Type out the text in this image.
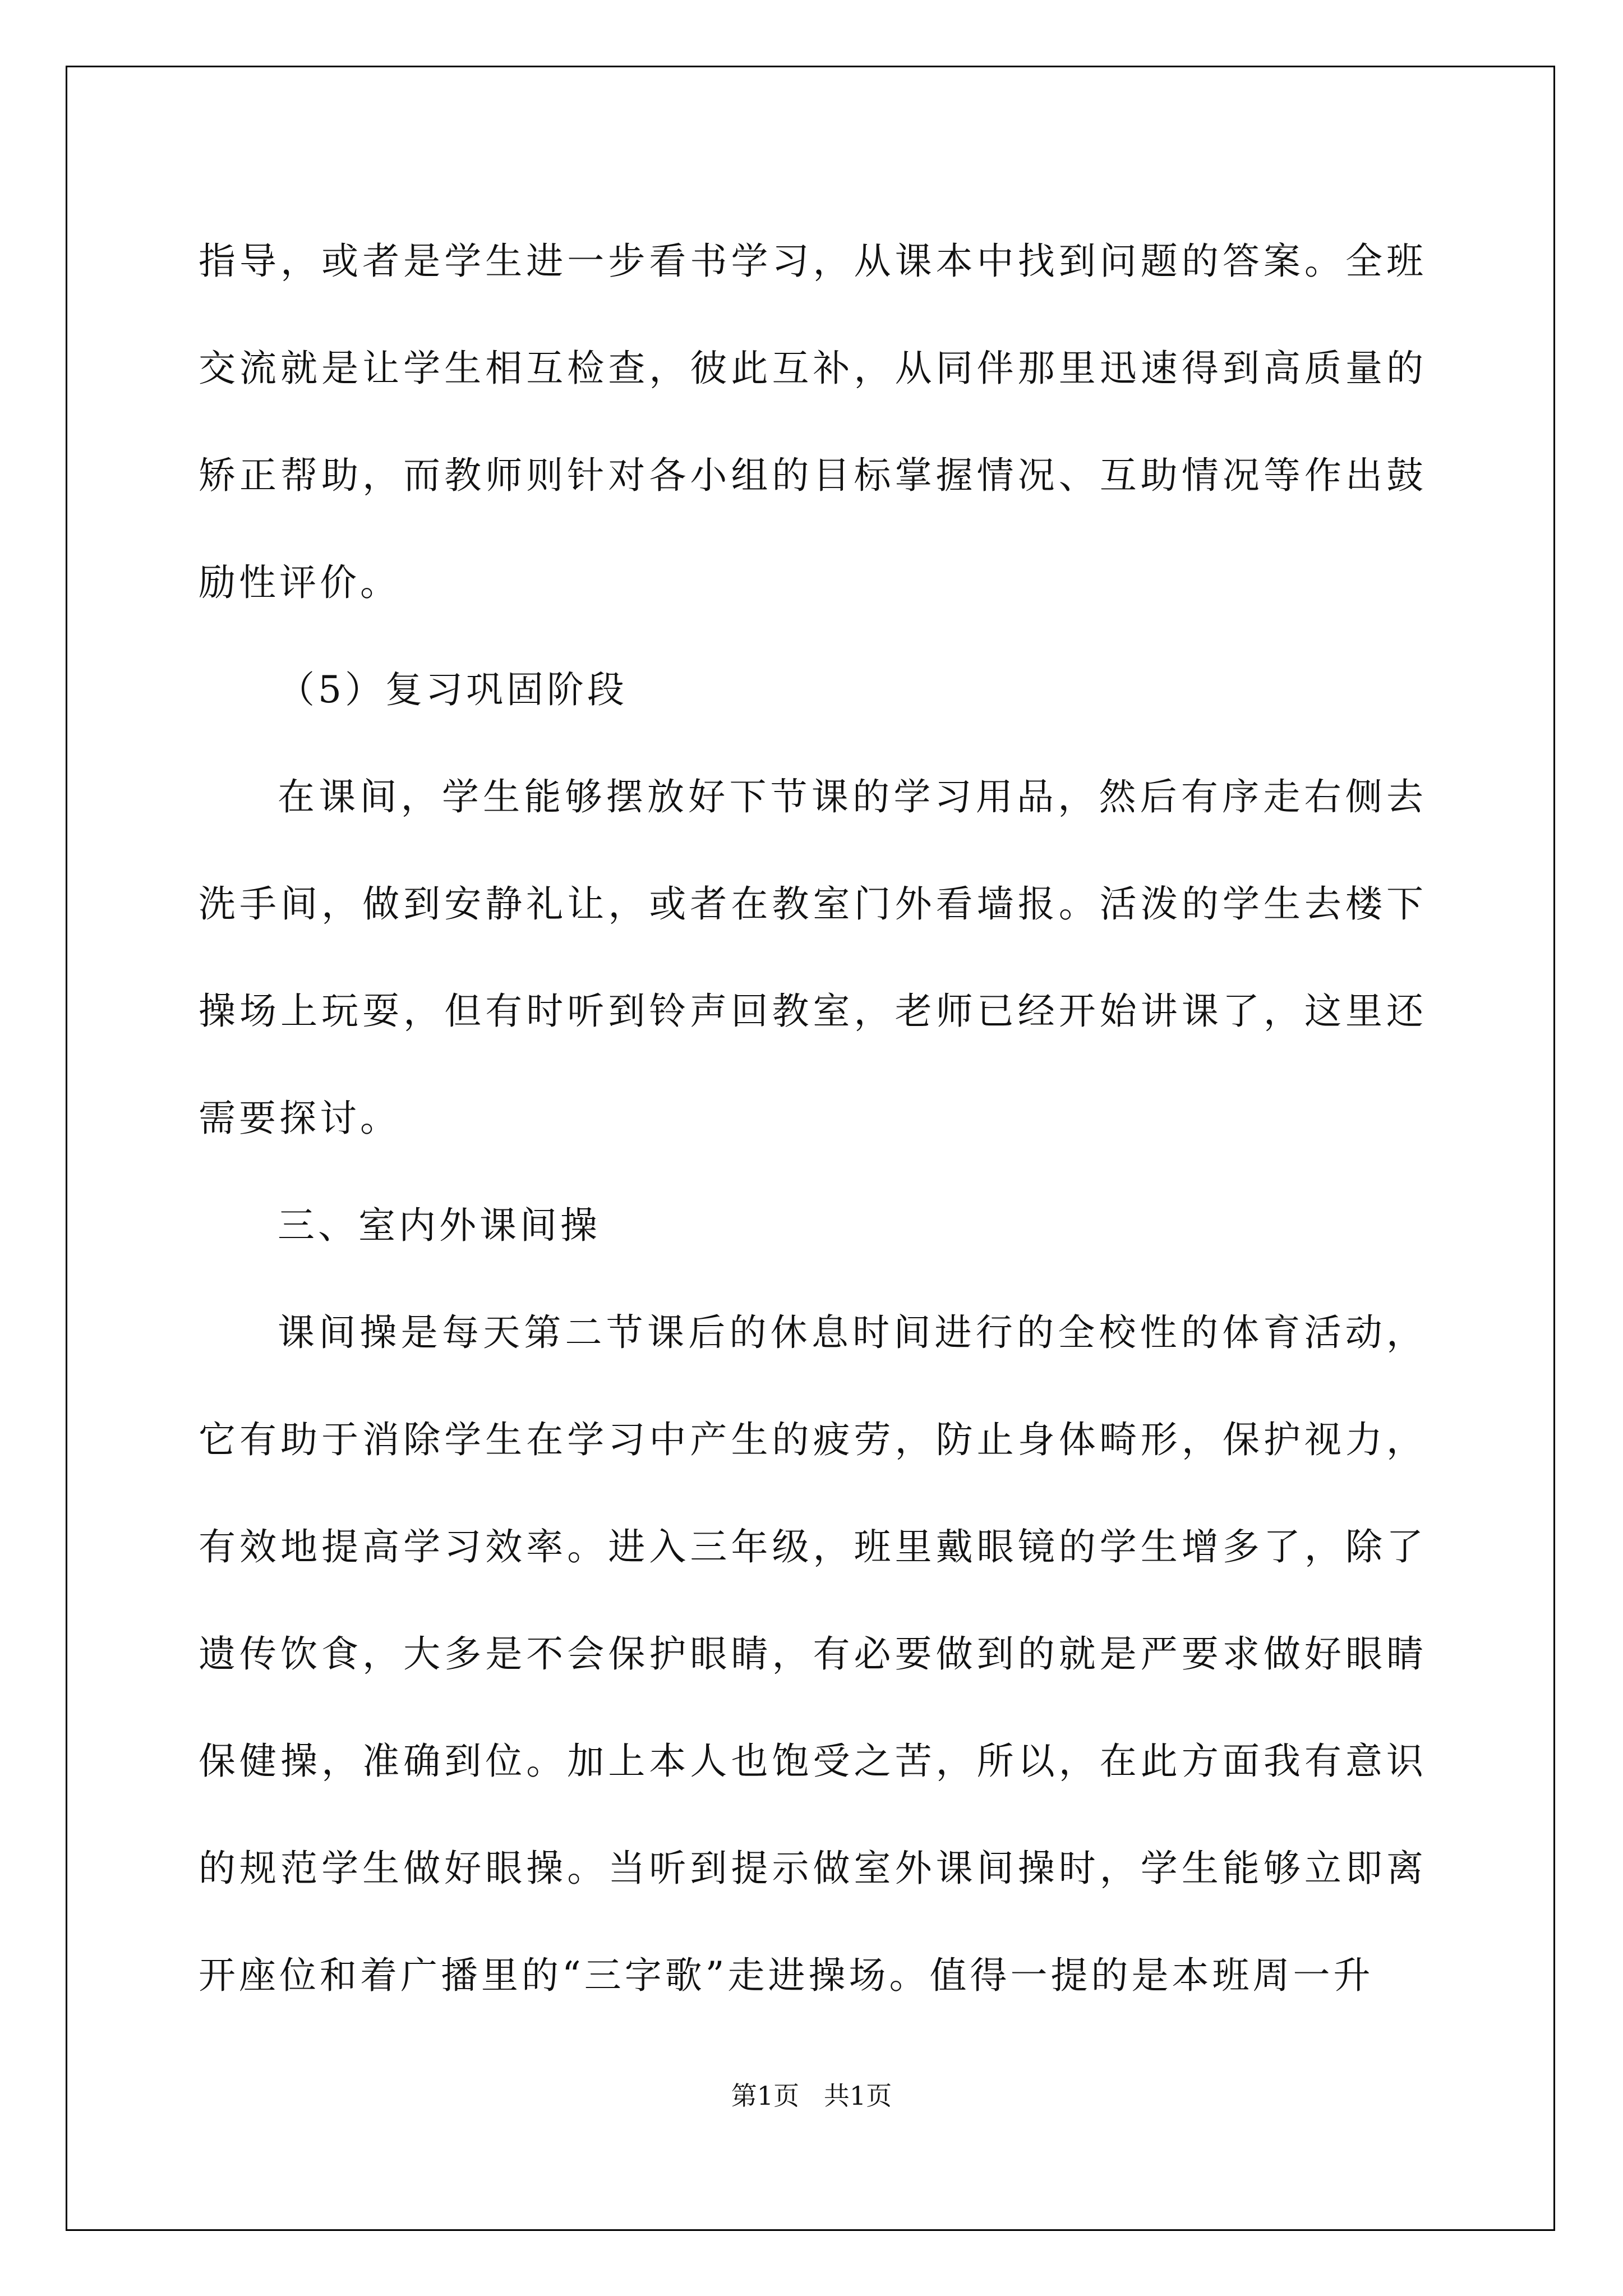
指导，或者是学生进一步看书学习，从课本中找到问题的答案。全班交流就是让学生相互检查，彼此互补，从同伴那里迅速得到高质量的矫正帮助，而教师则针对各小组的目标掌握情况、互助情况等作出鼓励性评价。

（5）复习巩固阶段

在课间，学生能够摆放好下节课的学习用品，然后有序走右侧去洗手间，做到安静礼让，或者在教室门外看墙报。活泼的学生去楼下操场上玩耍，但有时听到铃声回教室，老师已经开始讲课了，这里还需要探讨。

三、室内外课间操

课间操是每天第二节课后的休息时间进行的全校性的体育活动，它有助于消除学生在学习中产生的疲劳，防止身体畸形，保护视力，有效地提高学习效率。进入三年级，班里戴眼镜的学生增多了，除了遗传饮食，大多是不会保护眼睛，有必要做到的就是严要求做好眼睛保健操，准确到位。加上本人也饱受之苦，所以，在此方面我有意识的规范学生做好眼操。当听到提示做室外课间操时，学生能够立即离开座位和着广播里的“三字歌”走进操场。值得一提的是本班周一升

第1页   共1页
